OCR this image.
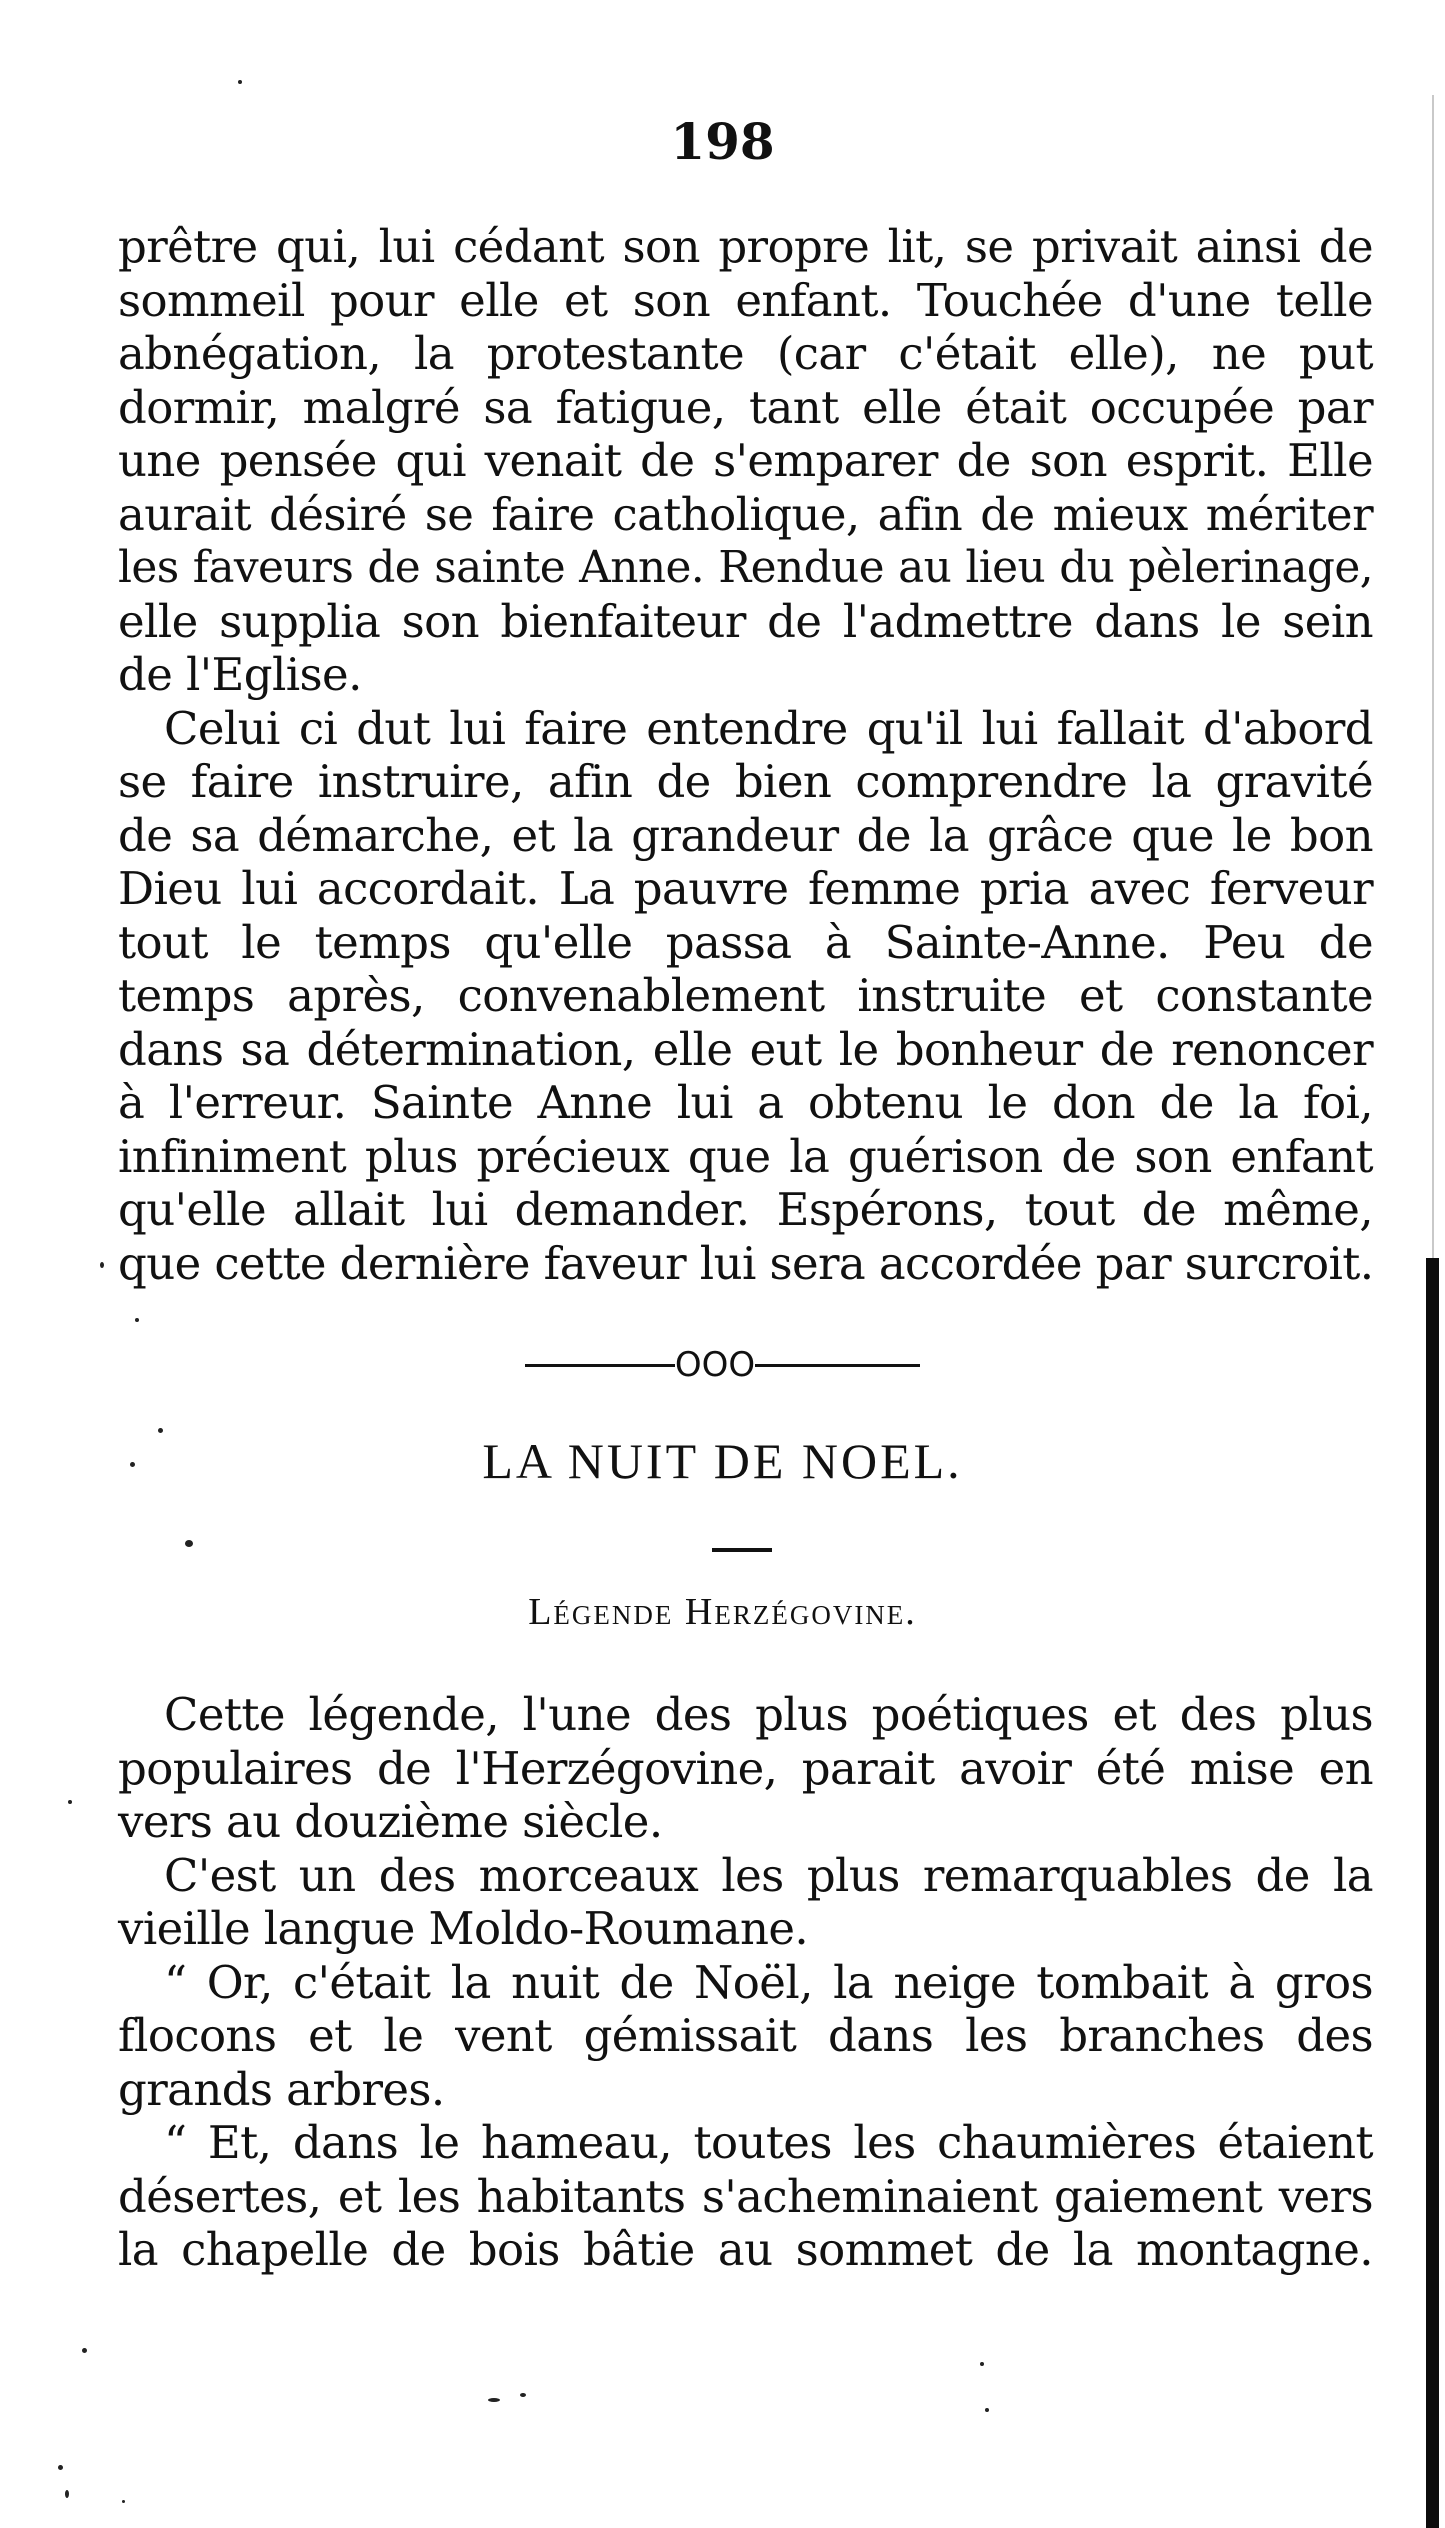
198
prêtre qui, lui cédant son propre lit, se privait ainsi de
sommeil pour elle et son enfant. Touchée d'une telle
abnégation, la protestante (car c'était elle), ne put
dormir, malgré sa fatigue, tant elle était occupée par
une pensée qui venait de s'emparer de son esprit. Elle
aurait désiré se faire catholique, afin de mieux mériter
les faveurs de sainte Anne. Rendue au lieu du pèlerinage,
elle supplia son bienfaiteur de l'admettre dans le sein
de l'Eglise.
Celui ci dut lui faire entendre qu'il lui fallait d'abord
se faire instruire, afin de bien comprendre la gravité
de sa démarche, et la grandeur de la grâce que le bon
Dieu lui accordait. La pauvre femme pria avec ferveur
tout le temps qu'elle passa à Sainte-Anne. Peu de
temps après, convenablement instruite et constante
dans sa détermination, elle eut le bonheur de renoncer
à l'erreur. Sainte Anne lui a obtenu le don de la foi,
infiniment plus précieux que la guérison de son enfant
qu'elle allait lui demander. Espérons, tout de même,
que cette dernière faveur lui sera accordée par surcroit.
OOO
LA NUIT DE NOEL.
Légende Herzégovine.
Cette légende, l'une des plus poétiques et des plus
populaires de l'Herzégovine, parait avoir été mise en
vers au douzième siècle.
C'est un des morceaux les plus remarquables de la
vieille langue Moldo-Roumane.
“ Or, c'était la nuit de Noël, la neige tombait à gros
flocons et le vent gémissait dans les branches des
grands arbres.
“ Et, dans le hameau, toutes les chaumières étaient
désertes, et les habitants s'acheminaient gaiement vers
la chapelle de bois bâtie au sommet de la montagne.
